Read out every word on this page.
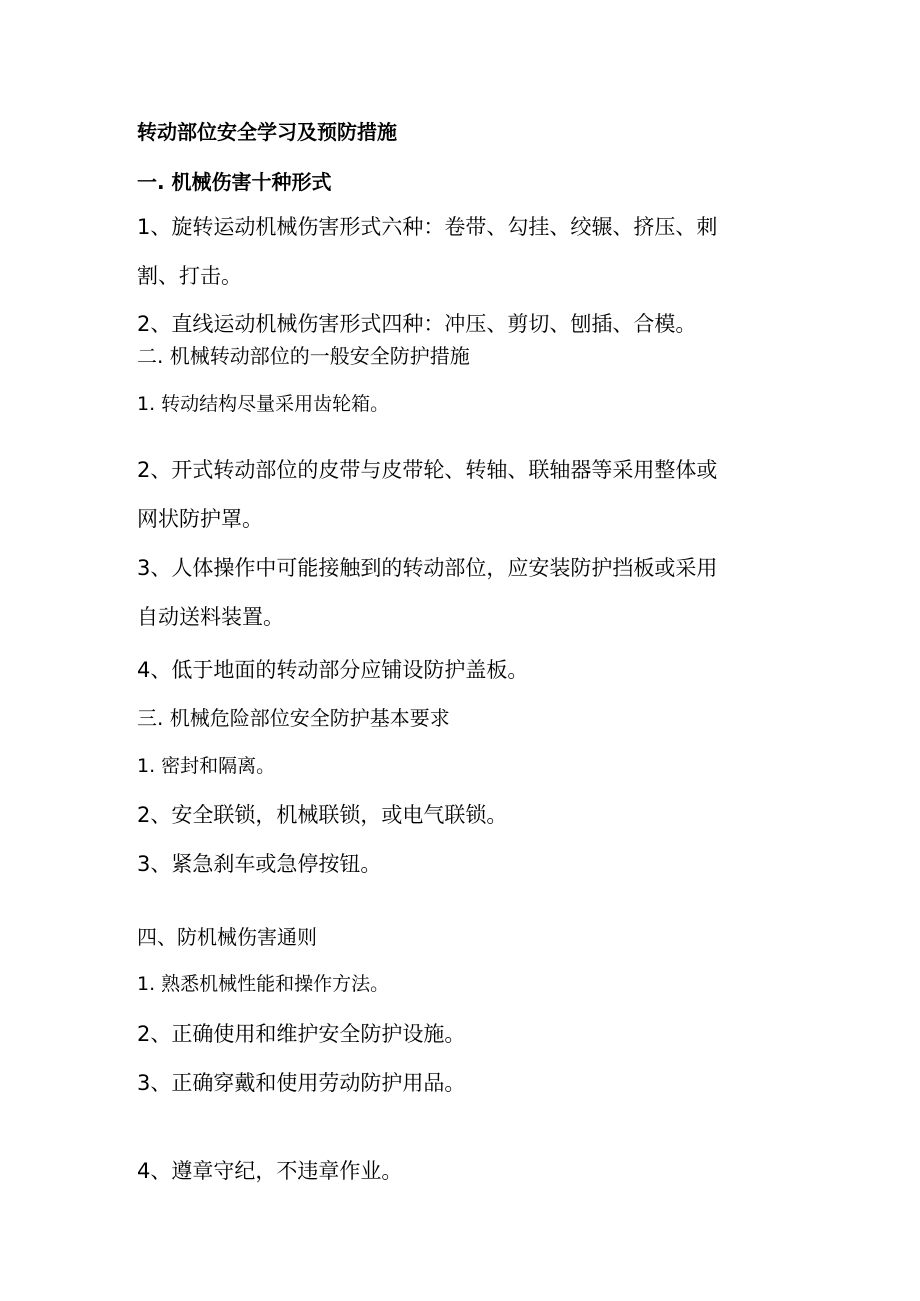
转动部位安全学习及预防措施
一. 机械伤害十种形式
1、旋转运动机械伤害形式六种：卷带、勾挂、绞辗、挤压、刺
割、打击。
2、直线运动机械伤害形式四种：冲压、剪切、刨插、合模。
二. 机械转动部位的一般安全防护措施
1. 转动结构尽量采用齿轮箱。
2、开式转动部位的皮带与皮带轮、转轴、联轴器等采用整体或
网状防护罩。
3、人体操作中可能接触到的转动部位，应安装防护挡板或采用
自动送料装置。
4、低于地面的转动部分应铺设防护盖板。
三. 机械危险部位安全防护基本要求
1. 密封和隔离。
2、安全联锁，机械联锁，或电气联锁。
3、紧急刹车或急停按钮。
四、防机械伤害通则
1. 熟悉机械性能和操作方法。
2、正确使用和维护安全防护设施。
3、正确穿戴和使用劳动防护用品。
4、遵章守纪，不违章作业。
